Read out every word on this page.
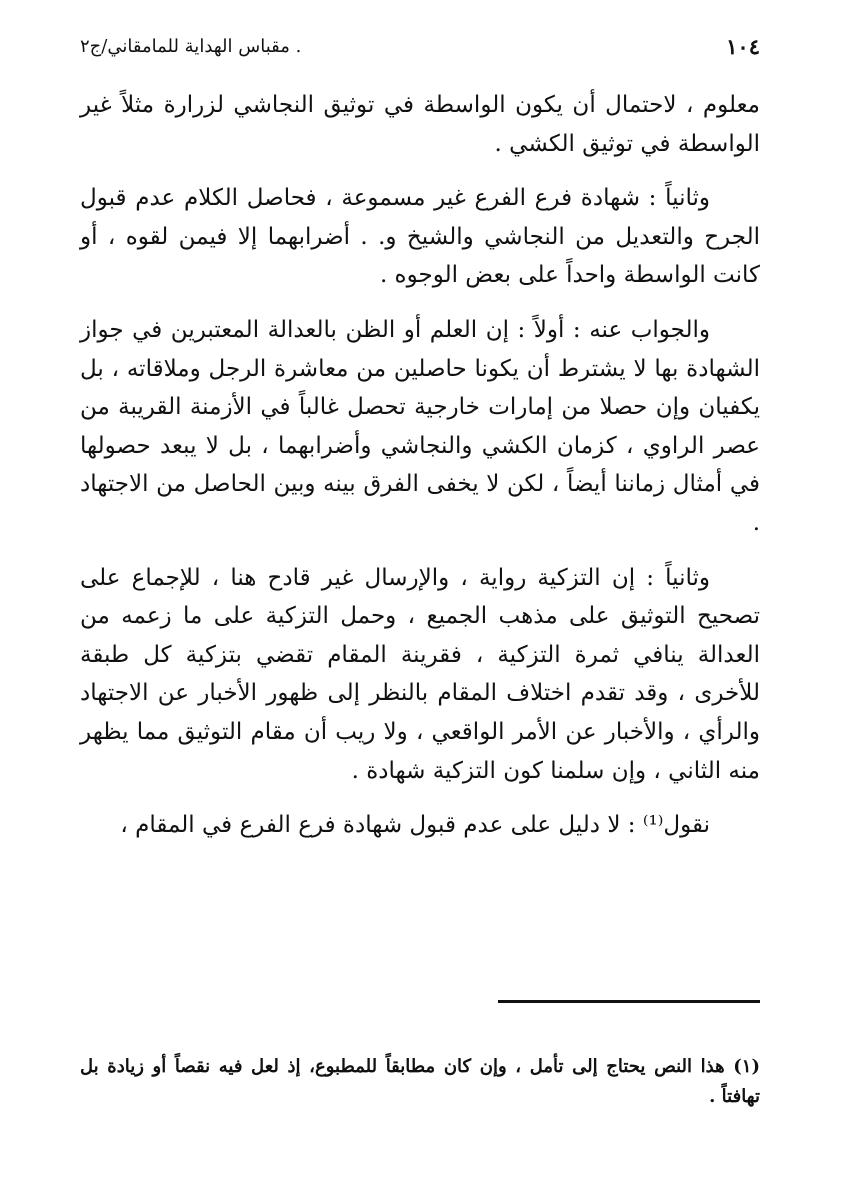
١٠٤
. مقباس الهداية للمامقاني/ج٢

معلوم ، لاحتمال أن يكون الواسطة في توثيق النجاشي لزرارة مثلاً غير الواسطة في توثيق الكشي .

وثانياً : شهادة فرع الفرع غير مسموعة ، فحاصل الكلام عدم قبول الجرح والتعديل من النجاشي والشيخ و. . أضرابهما إلا فيمن لقوه ، أو كانت الواسطة واحداً على بعض الوجوه .

والجواب عنه : أولاً : إن العلم أو الظن بالعدالة المعتبرين في جواز الشهادة بها لا يشترط أن يكونا حاصلين من معاشرة الرجل وملاقاته ، بل يكفيان وإن حصلا من إمارات خارجية تحصل غالباً في الأزمنة القريبة من عصر الراوي ، كزمان الكشي والنجاشي وأضرابهما ، بل لا يبعد حصولها في أمثال زماننا أيضاً ، لكن لا يخفى الفرق بينه وبين الحاصل من الاجتهاد .

وثانياً : إن التزكية رواية ، والإرسال غير قادح هنا ، للإجماع على تصحيح التوثيق على مذهب الجميع ، وحمل التزكية على ما زعمه من العدالة ينافي ثمرة التزكية ، فقرينة المقام تقضي بتزكية كل طبقة للأخرى ، وقد تقدم اختلاف المقام بالنظر إلى ظهور الأخبار عن الاجتهاد والرأي ، والأخبار عن الأمر الواقعي ، ولا ريب أن مقام التوثيق مما يظهر منه الثاني ، وإن سلمنا كون التزكية شهادة .

نقول⁽¹⁾ : لا دليل على عدم قبول شهادة فرع الفرع في المقام ،

(١) هذا النص يحتاج إلى تأمل ، وإن كان مطابقاً للمطبوع، إذ لعل فيه نقصاً أو زيادة بل تهافتاً .
